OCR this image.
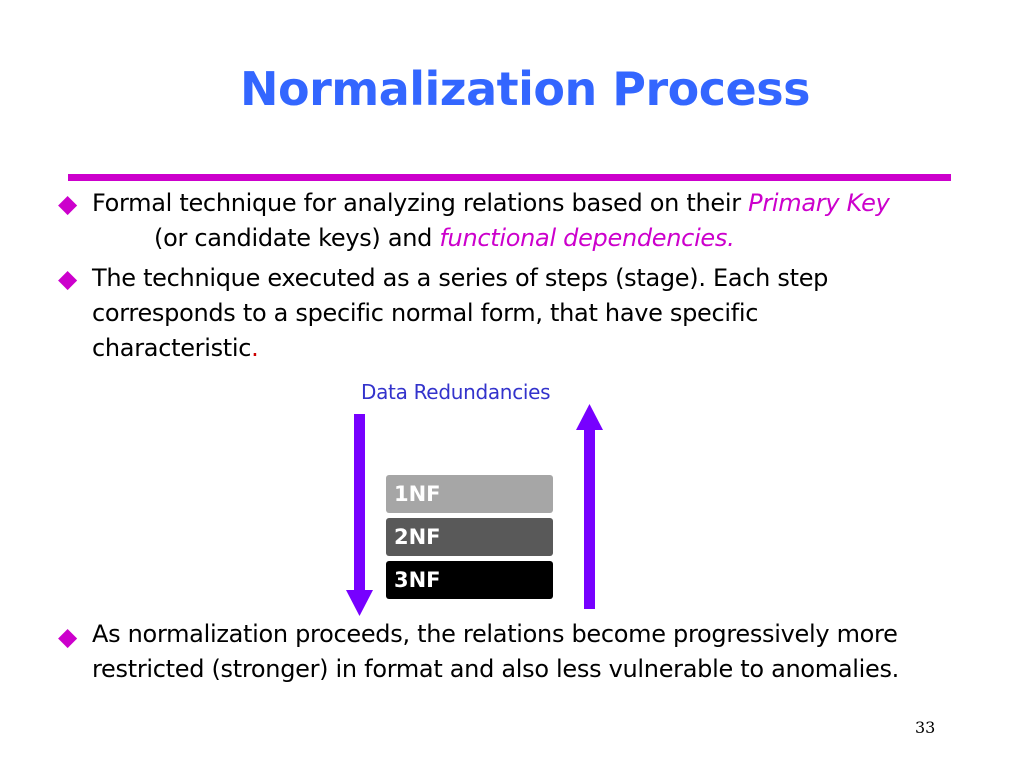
Normalization Process
◆ Formal technique for analyzing relations based on their Primary Key
(or candidate keys) and functional dependencies.
◆ The technique executed as a series of steps (stage). Each step
corresponds to a specific normal form, that have specific
characteristic.
Data Redundancies
1NF
2NF
3NF
◆ As normalization proceeds, the relations become progressively more
restricted (stronger) in format and also less vulnerable to anomalies.
33
